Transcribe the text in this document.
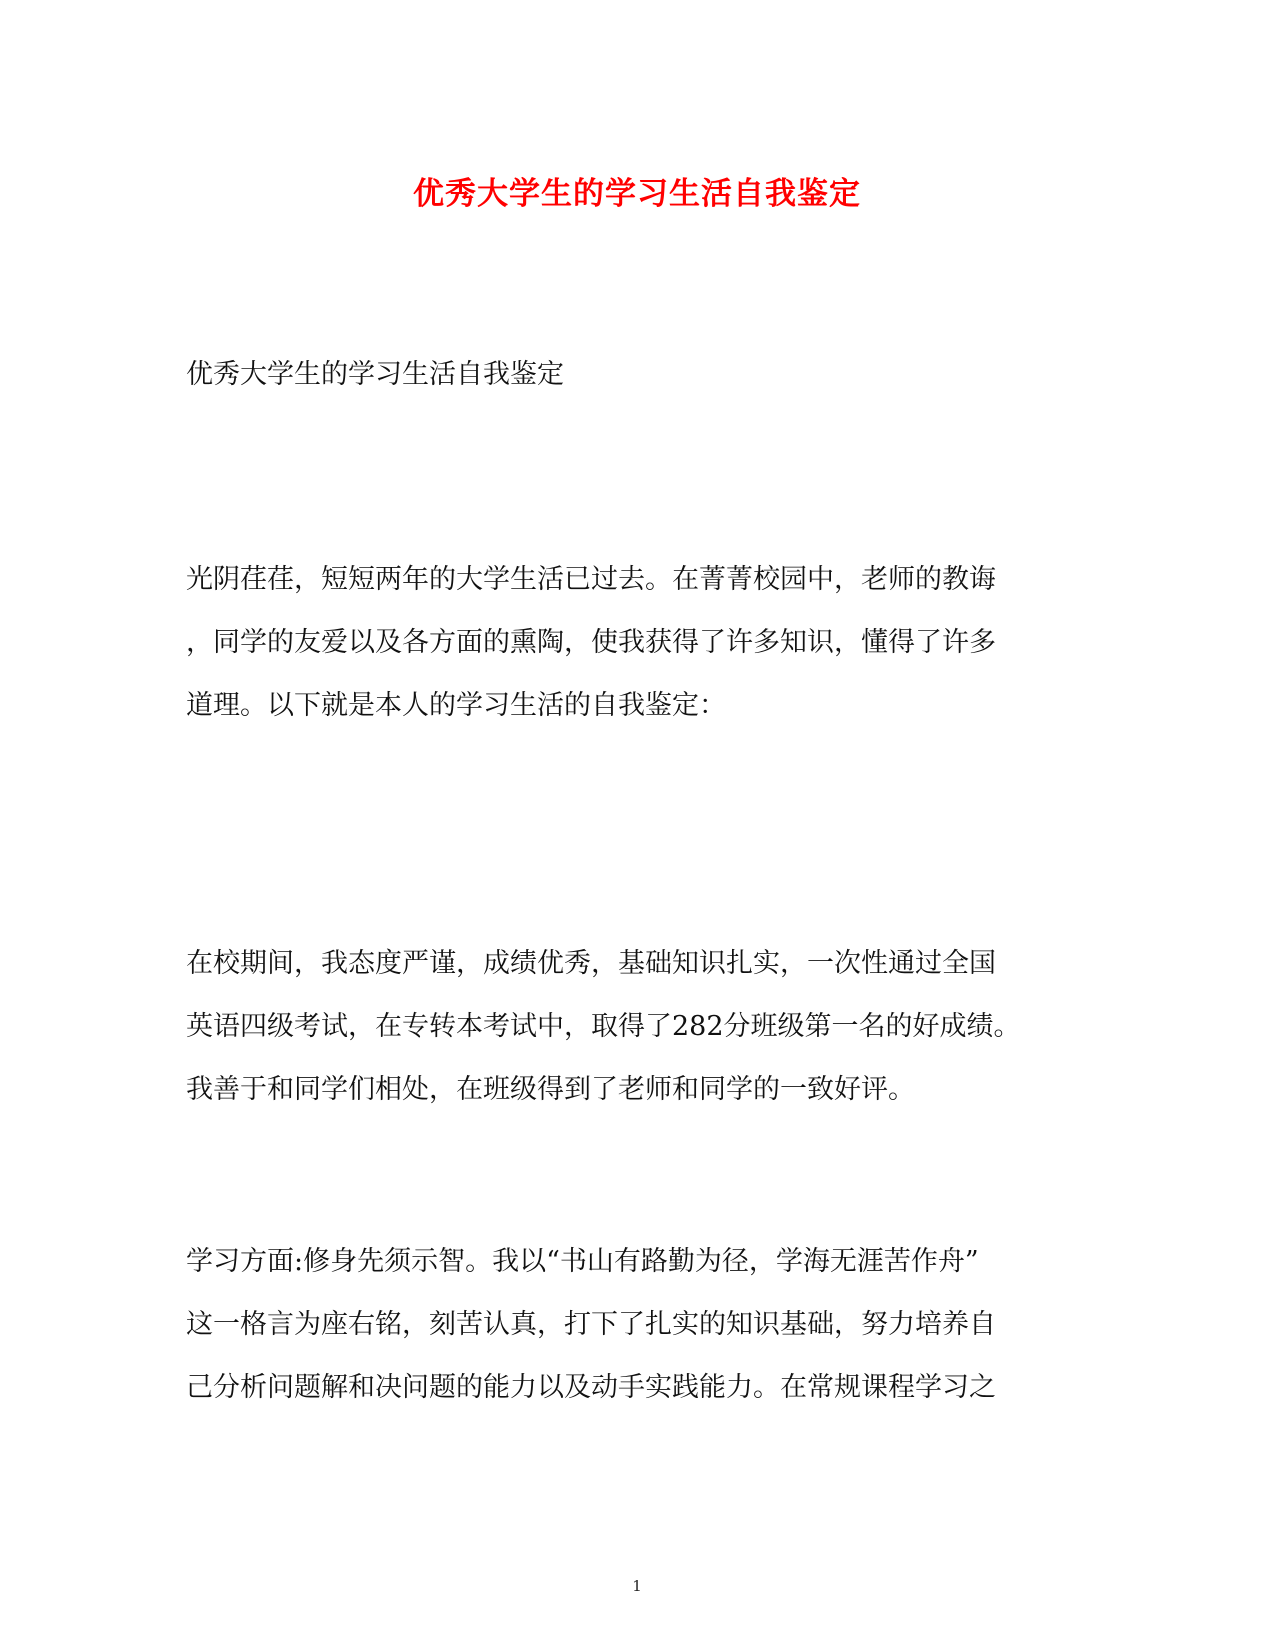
优秀大学生的学习生活自我鉴定
优秀大学生的学习生活自我鉴定
光阴荏荏，短短两年的大学生活已过去。在菁菁校园中，老师的教诲
，同学的友爱以及各方面的熏陶，使我获得了许多知识，懂得了许多
道理。以下就是本人的学习生活的自我鉴定：
在校期间，我态度严谨，成绩优秀，基础知识扎实，一次性通过全国
英语四级考试，在专转本考试中，取得了282分班级第一名的好成绩。
我善于和同学们相处，在班级得到了老师和同学的一致好评。
学习方面:修身先须示智。我以“书山有路勤为径，学海无涯苦作舟”
这一格言为座右铭，刻苦认真，打下了扎实的知识基础，努力培养自
己分析问题解和决问题的能力以及动手实践能力。在常规课程学习之
1
